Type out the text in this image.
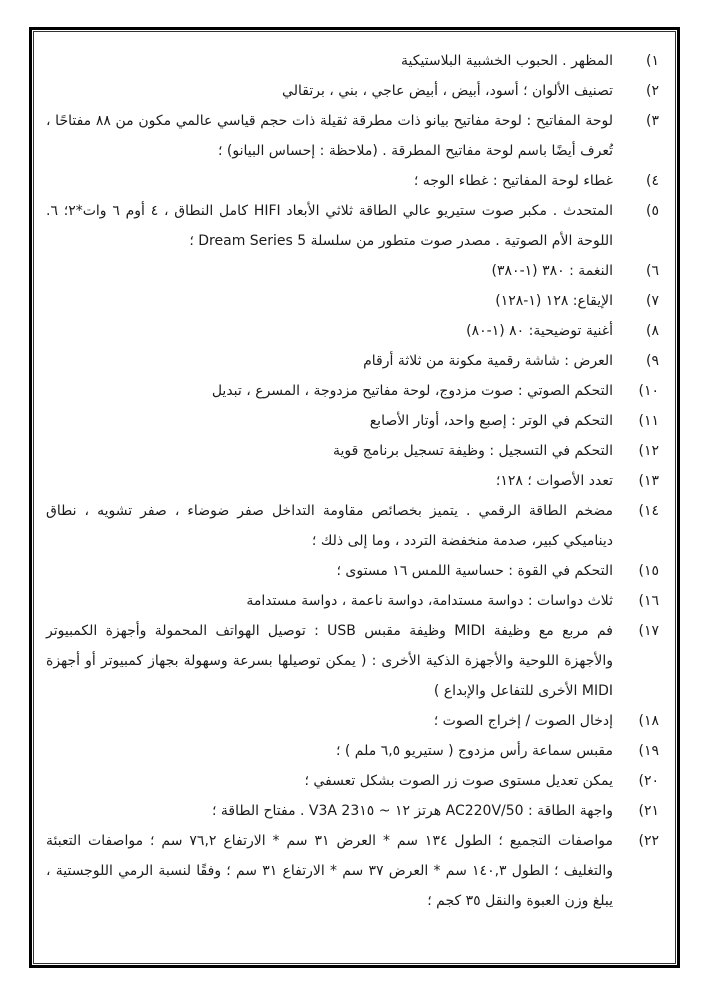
١)
المظهر . الحبوب الخشبية البلاستيكية
٢)
تصنيف الألوان ؛ أسود، أبيض ، أبيض عاجي ، بني ، برتقالي
٣)
لوحة المفاتيح : لوحة مفاتيح بيانو ذات مطرقة ثقيلة ذات حجم قياسي عالمي مكون من ٨٨ مفتاحًا ، تُعرف أيضًا باسم لوحة مفاتيح المطرقة . (ملاحظة : إحساس البيانو) ؛
٤)
غطاء لوحة المفاتيح : غطاء الوجه ؛
٥)
المتحدث . مكبر صوت ستيريو عالي الطاقة ثلاثي الأبعاد HIFI كامل النطاق ، ٤ أوم ٦ وات*٢؛ ٦. اللوحة الأم الصوتية . مصدر صوت متطور من سلسلة Dream Series 5 ؛
٦)
النغمة : ٣٨٠ (١-٣٨٠)
٧)
الإيقاع: ١٢٨ (١-١٢٨)
٨)
أغنية توضيحية: ٨٠ (١-٨٠)
٩)
العرض : شاشة رقمية مكونة من ثلاثة أرقام
١٠)
التحكم الصوتي : صوت مزدوج، لوحة مفاتيح مزدوجة ، المسرع ، تبديل
١١)
التحكم في الوتر : إصبع واحد، أوتار الأصابع
١٢)
التحكم في التسجيل : وظيفة تسجيل برنامج قوية
١٣)
تعدد الأصوات ؛ ١٢٨؛
١٤)
مضخم الطاقة الرقمي . يتميز بخصائص مقاومة التداخل صفر ضوضاء ، صفر تشويه ، نطاق ديناميكي كبير، صدمة منخفضة التردد ، وما إلى ذلك ؛
١٥)
التحكم في القوة : حساسية اللمس ١٦ مستوى ؛
١٦)
ثلاث دواسات : دواسة مستدامة، دواسة ناعمة ، دواسة مستدامة
١٧)
فم مربع مع وظيفة MIDI وظيفة مقبس USB : توصيل الهواتف المحمولة وأجهزة الكمبيوتر والأجهزة اللوحية والأجهزة الذكية الأخرى : ( يمكن توصيلها بسرعة وسهولة بجهاز كمبيوتر أو أجهزة MIDI الأخرى للتفاعل والإبداع )
١٨)
إدخال الصوت / إخراج الصوت ؛
١٩)
مقبس سماعة رأس مزدوج ( ستيريو ٦,٥ ملم ) ؛
٢٠)
يمكن تعديل مستوى صوت زر الصوت بشكل تعسفي ؛
٢١)
واجهة الطاقة : AC220V/50 هرتز ١٢ ~ V3A 23١٥ . مفتاح الطاقة ؛
٢٢)
مواصفات التجميع ؛ الطول ١٣٤ سم * العرض ٣١ سم * الارتفاع ٧٦,٢ سم ؛ مواصفات التعبئة والتغليف ؛ الطول ١٤٠,٣ سم * العرض ٣٧ سم * الارتفاع ٣١ سم ؛ وفقًا لنسبة الرمي اللوجستية ، يبلغ وزن العبوة والنقل ٣٥ كجم ؛
